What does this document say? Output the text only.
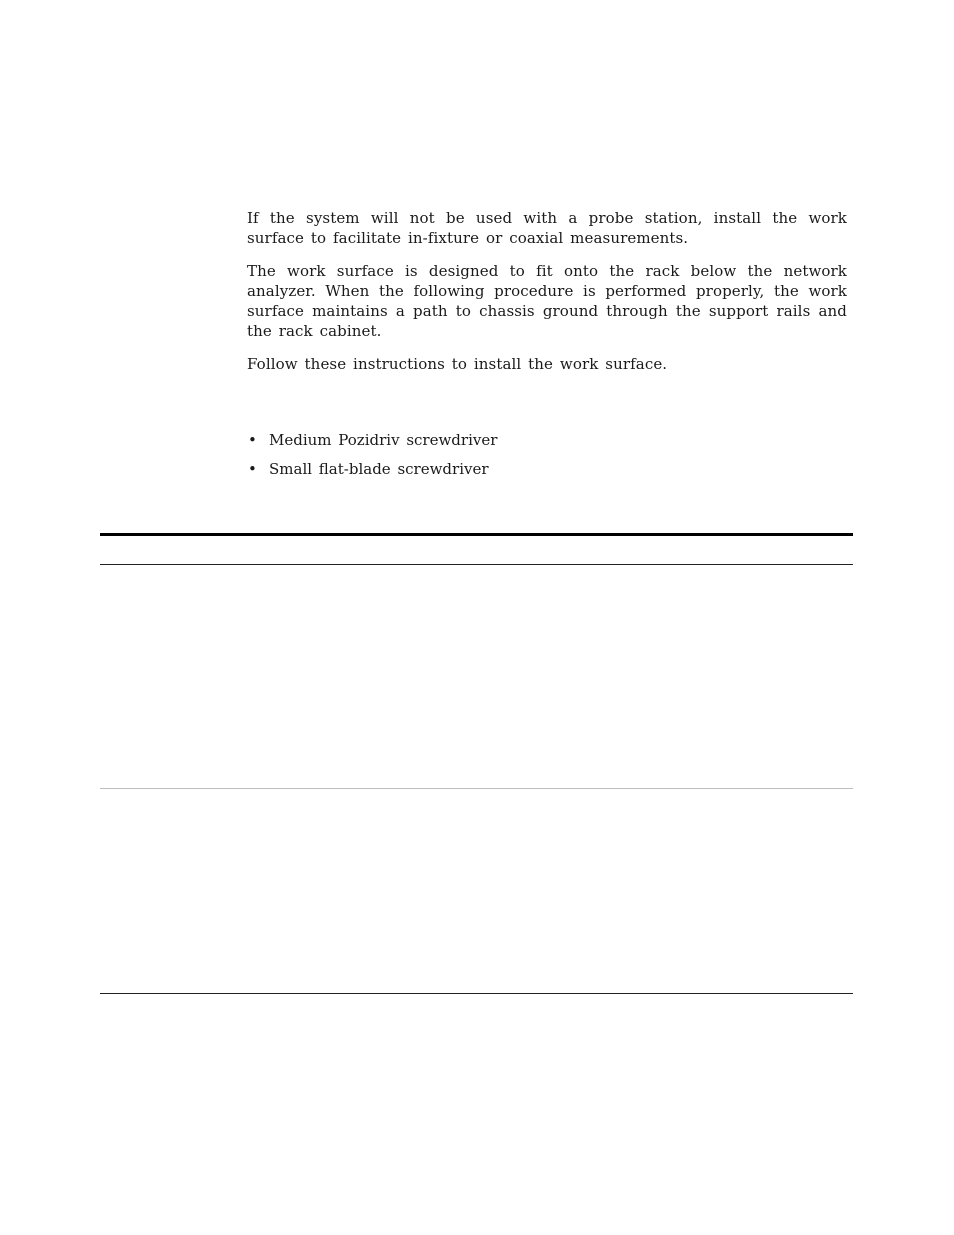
If the system will not be used with a probe station, install the work surface to facilitate in-fixture or coaxial measurements.

The work surface is designed to fit onto the rack below the network analyzer. When the following procedure is performed properly, the work surface maintains a path to chassis ground through the support rails and the rack cabinet.

Follow these instructions to install the work surface.

• Medium Pozidriv screwdriver
• Small flat-blade screwdriver
